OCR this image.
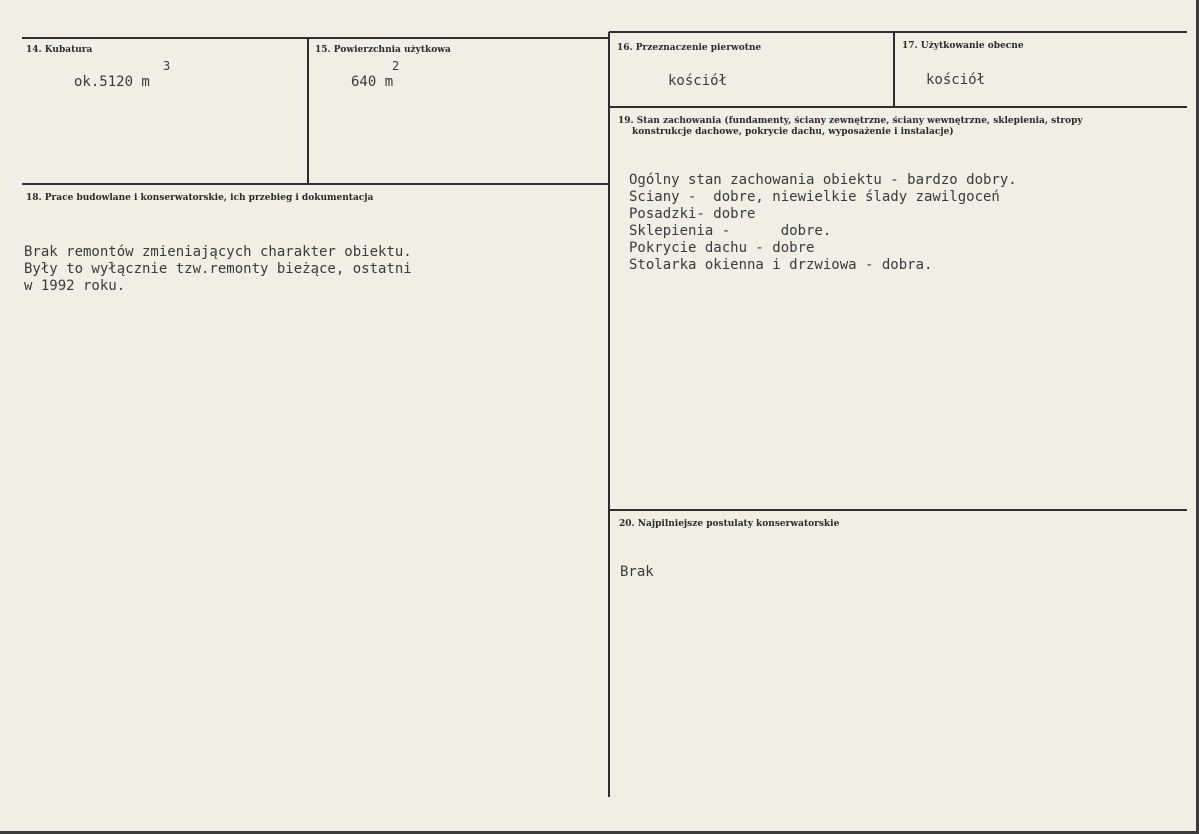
14. Kubatura
3
ok.5120 m
15. Powierzchnia użytkowa
2
640 m
16. Przeznaczenie pierwotne
kościół
17. Użytkowanie obecne
kościół
19. Stan zachowania (fundamenty, ściany zewnętrzne, ściany wewnętrzne, sklepienia, stropy
konstrukcje dachowe, pokrycie dachu, wyposażenie i instalacje)
Ogólny stan zachowania obiektu - bardzo dobry.
Sciany -  dobre, niewielkie ślady zawilgoceń
Posadzki- dobre
Sklepienia -      dobre.
Pokrycie dachu - dobre
Stolarka okienna i drzwiowa - dobra.
18. Prace budowlane i konserwatorskie, ich przebieg i dokumentacja
Brak remontów zmieniających charakter obiektu.
Były to wyłącznie tzw.remonty bieżące, ostatni
w 1992 roku.
20. Najpilniejsze postulaty konserwatorskie
Brak
